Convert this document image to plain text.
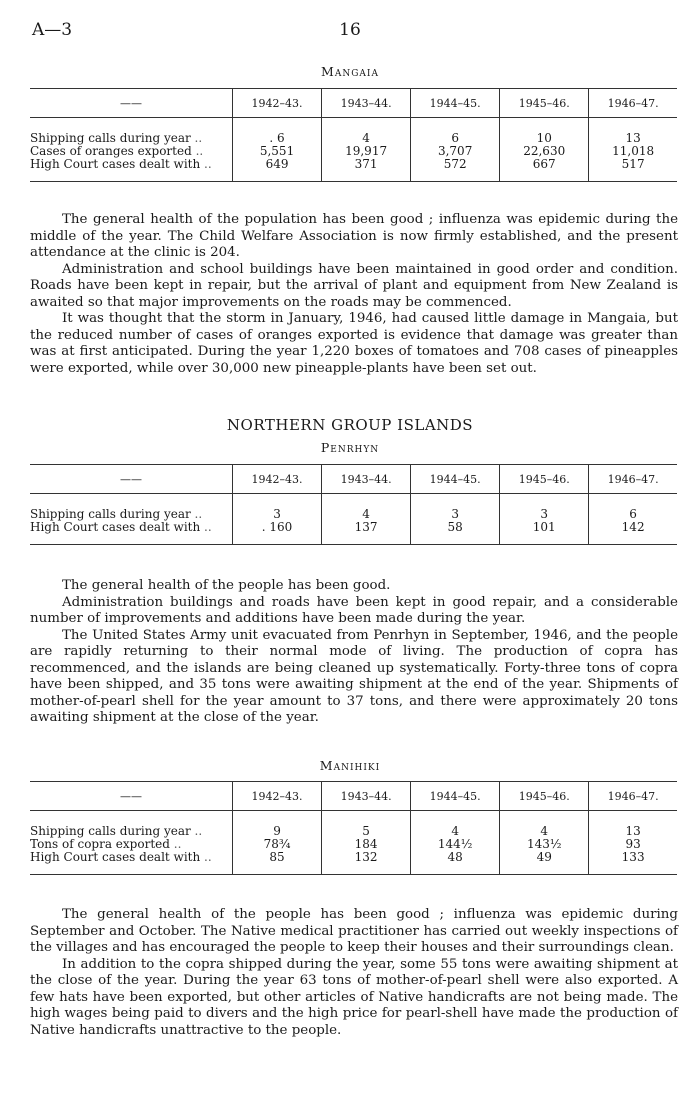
A—3	16
Mangaia
——	1942–43.	1943–44.	1944–45.	1945–46.	1946–47.

Shipping calls during year ..	. 6	4	6	10	13
Cases of oranges exported ..	5,551	19,917	3,707	22,630	11,018
High Court cases dealt with ..	649	371	572	667	517

The general health of the population has been good ; influenza was epidemic during the middle of the year. The Child Welfare Association is now firmly established, and the present attendance at the clinic is 204.

Administration and school buildings have been maintained in good order and condition. Roads have been kept in repair, but the arrival of plant and equipment from New Zealand is awaited so that major improvements on the roads may be commenced.

It was thought that the storm in January, 1946, had caused little damage in Mangaia, but the reduced number of cases of oranges exported is evidence that damage was greater than was at first anticipated. During the year 1,220 boxes of tomatoes and 708 cases of pineapples were exported, while over 30,000 new pineapple-plants have been set out.

NORTHERN GROUP ISLANDS
Penrhyn
——	1942–43.	1943–44.	1944–45.	1945–46.	1946–47.

Shipping calls during year ..	3	4	3	3	6
High Court cases dealt with ..	. 160	137	58	101	142

The general health of the people has been good.

Administration buildings and roads have been kept in good repair, and a considerable number of improvements and additions have been made during the year.

The United States Army unit evacuated from Penrhyn in September, 1946, and the people are rapidly returning to their normal mode of living. The production of copra has recommenced, and the islands are being cleaned up systematically. Forty-three tons of copra have been shipped, and 35 tons were awaiting shipment at the end of the year. Shipments of mother-of-pearl shell for the year amount to 37 tons, and there were approximately 20 tons awaiting shipment at the close of the year.

Manihiki
——	1942–43.	1943–44.	1944–45.	1945–46.	1946–47.

Shipping calls during year ..	9	5	4	4	13
Tons of copra exported ..	78¾	184	144½	143½	93
High Court cases dealt with ..	85	132	48	49	133

The general health of the people has been good ; influenza was epidemic during September and October. The Native medical practitioner has carried out weekly inspections of the villages and has encouraged the people to keep their houses and their surroundings clean.

In addition to the copra shipped during the year, some 55 tons were awaiting shipment at the close of the year. During the year 63 tons of mother-of-pearl shell were also exported. A few hats have been exported, but other articles of Native handicrafts are not being made. The high wages being paid to divers and the high price for pearl-shell have made the production of Native handicrafts unattractive to the people.
